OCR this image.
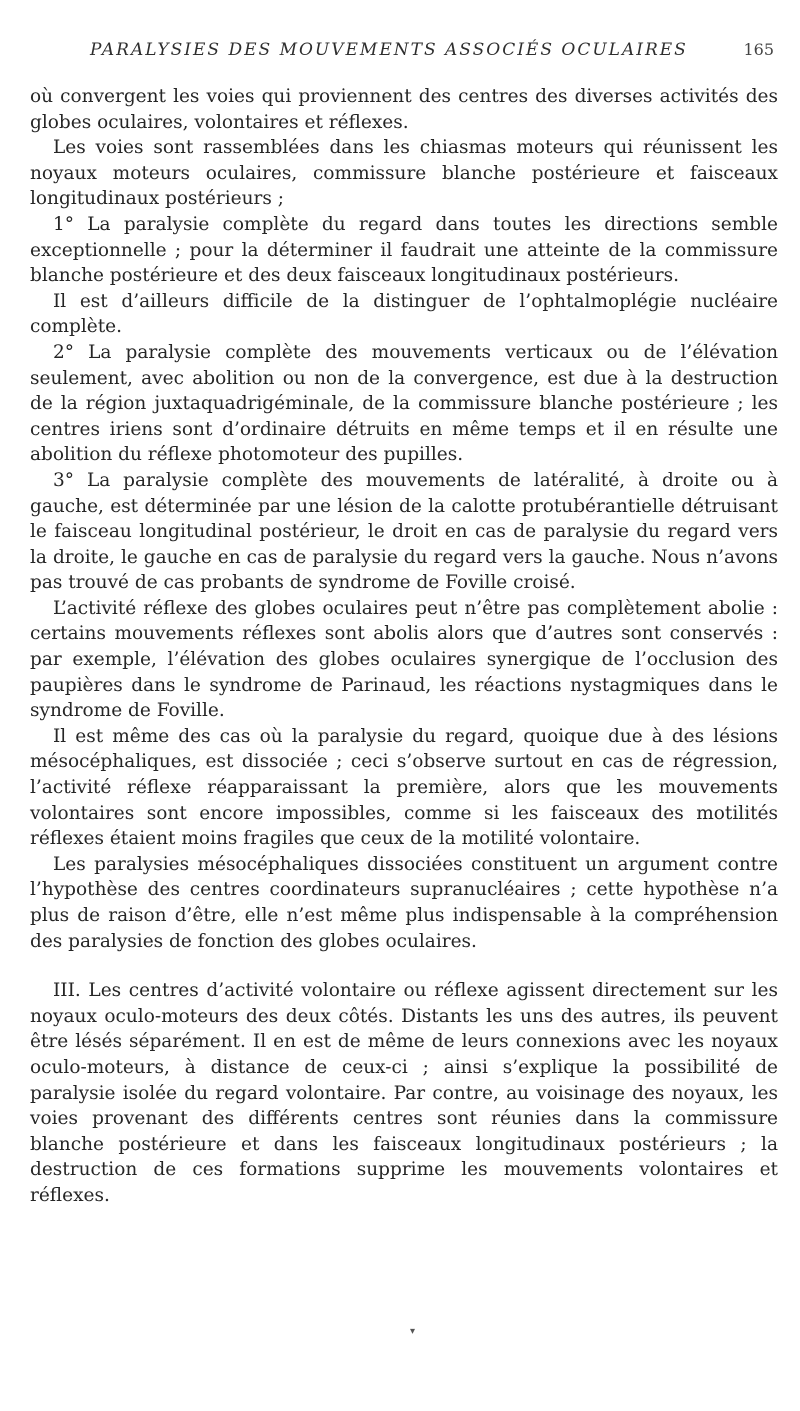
PARALYSIES DES MOUVEMENTS ASSOCIÉS OCULAIRES	165

où convergent les voies qui proviennent des centres des diverses activités des globes oculaires, volontaires et réflexes.

Les voies sont rassemblées dans les chiasmas moteurs qui réunissent les noyaux moteurs oculaires, commissure blanche postérieure et faisceaux longitudinaux postérieurs ;

1° La paralysie complète du regard dans toutes les directions semble exceptionnelle ; pour la déterminer il faudrait une atteinte de la commissure blanche postérieure et des deux faisceaux longitudinaux postérieurs.

Il est d’ailleurs difficile de la distinguer de l’ophtalmoplégie nucléaire complète.

2° La paralysie complète des mouvements verticaux ou de l’élévation seulement, avec abolition ou non de la convergence, est due à la destruction de la région juxtaquadrigéminale, de la commissure blanche postérieure ; les centres iriens sont d’ordinaire détruits en même temps et il en résulte une abolition du réflexe photomoteur des pupilles.

3° La paralysie complète des mouvements de latéralité, à droite ou à gauche, est déterminée par une lésion de la calotte protubérantielle détruisant le faisceau longitudinal postérieur, le droit en cas de paralysie du regard vers la droite, le gauche en cas de paralysie du regard vers la gauche. Nous n’avons pas trouvé de cas probants de syndrome de Foville croisé.

L’activité réflexe des globes oculaires peut n’être pas complètement abolie : certains mouvements réflexes sont abolis alors que d’autres sont conservés : par exemple, l’élévation des globes oculaires synergique de l’occlusion des paupières dans le syndrome de Parinaud, les réactions nystagmiques dans le syndrome de Foville.

Il est même des cas où la paralysie du regard, quoique due à des lésions mésocéphaliques, est dissociée ; ceci s’observe surtout en cas de régression, l’activité réflexe réapparaissant la première, alors que les mouvements volontaires sont encore impossibles, comme si les faisceaux des motilités réflexes étaient moins fragiles que ceux de la motilité volontaire.

Les paralysies mésocéphaliques dissociées constituent un argument contre l’hypothèse des centres coordinateurs supranucléaires ; cette hypothèse n’a plus de raison d’être, elle n’est même plus indispensable à la compréhension des paralysies de fonction des globes oculaires.

III. Les centres d’activité volontaire ou réflexe agissent directement sur les noyaux oculo-moteurs des deux côtés. Distants les uns des autres, ils peuvent être lésés séparément. Il en est de même de leurs connexions avec les noyaux oculo-moteurs, à distance de ceux-ci ; ainsi s’explique la possibilité de paralysie isolée du regard volontaire. Par contre, au voisinage des noyaux, les voies provenant des différents centres sont réunies dans la commissure blanche postérieure et dans les faisceaux longitudinaux postérieurs ; la destruction de ces formations supprime les mouvements volontaires et réflexes.

▾
